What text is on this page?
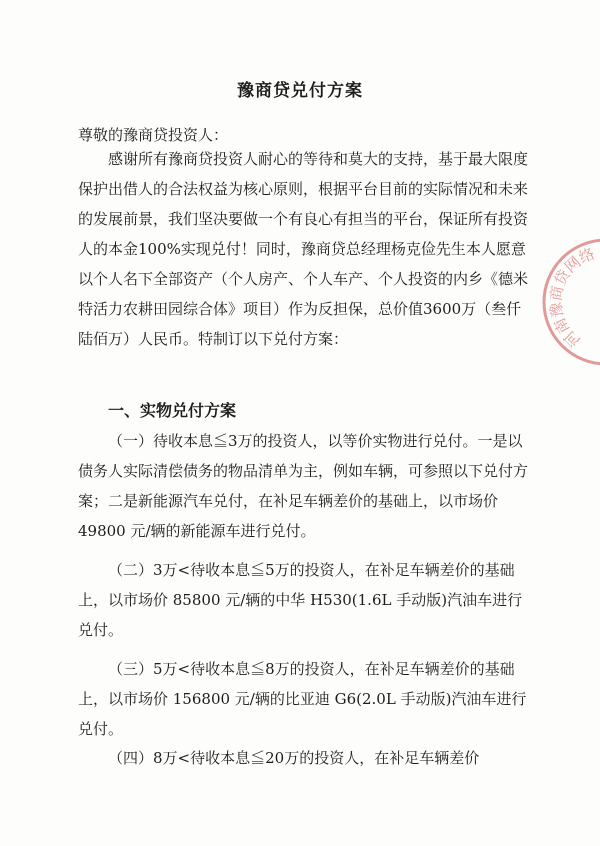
豫商贷兑付方案
尊敬的豫商贷投资人：

感谢所有豫商贷投资人耐心的等待和莫大的支持，基于最大限度保护出借人的合法权益为核心原则，根据平台目前的实际情况和未来的发展前景，我们坚决要做一个有良心有担当的平台，保证所有投资人的本金100%实现兑付！同时，豫商贷总经理杨克俭先生本人愿意以个人名下全部资产（个人房产、个人车产、个人投资的内乡《德米特活力农耕田园综合体》项目）作为反担保，总价值3600万（叁仟陆佰万）人民币。特制订以下兑付方案：

一、实物兑付方案

（一）待收本息≦3万的投资人，以等价实物进行兑付。一是以债务人实际清偿债务的物品清单为主，例如车辆，可参照以下兑付方案；二是新能源汽车兑付，在补足车辆差价的基础上，以市场价 49800 元/辆的新能源车进行兑付。

（二）3万<待收本息≦5万的投资人，在补足车辆差价的基础上，以市场价 85800 元/辆的中华 H530(1.6L 手动版)汽油车进行兑付。

（三）5万<待收本息≦8万的投资人，在补足车辆差价的基础上，以市场价 156800 元/辆的比亚迪 G6(2.0L 手动版)汽油车进行兑付。

（四）8万<待收本息≦20万的投资人，在补足车辆差价

河南豫商贷网络
